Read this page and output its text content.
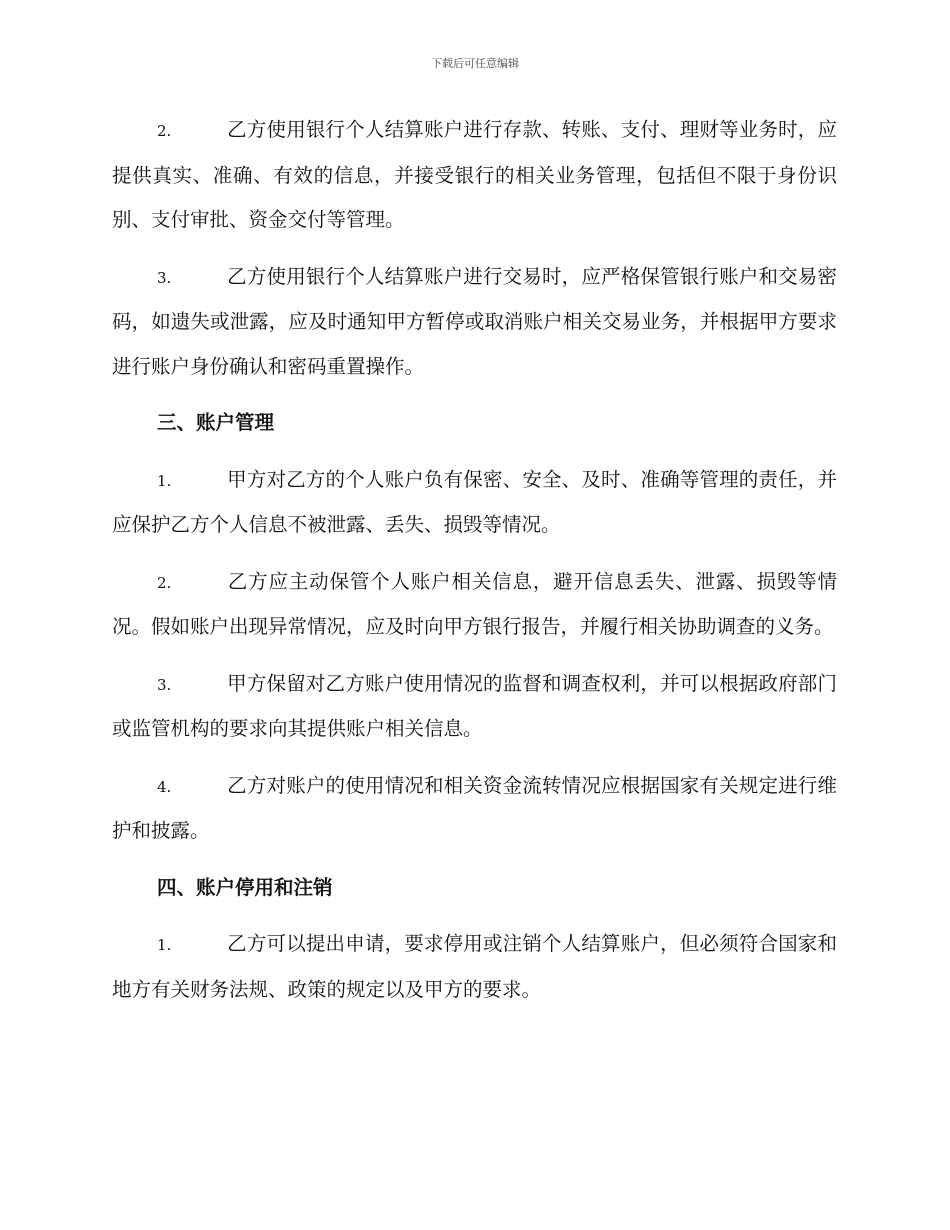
下载后可任意编辑

2.	乙方使用银行个人结算账户进行存款、转账、支付、理财等业务时，应提供真实、准确、有效的信息，并接受银行的相关业务管理，包括但不限于身份识别、支付审批、资金交付等管理。

3.	乙方使用银行个人结算账户进行交易时，应严格保管银行账户和交易密码，如遗失或泄露，应及时通知甲方暂停或取消账户相关交易业务，并根据甲方要求进行账户身份确认和密码重置操作。

三、账户管理

1.	甲方对乙方的个人账户负有保密、安全、及时、准确等管理的责任，并应保护乙方个人信息不被泄露、丢失、损毁等情况。

2.	乙方应主动保管个人账户相关信息，避开信息丢失、泄露、损毁等情况。假如账户出现异常情况，应及时向甲方银行报告，并履行相关协助调查的义务。

3.	甲方保留对乙方账户使用情况的监督和调查权利，并可以根据政府部门或监管机构的要求向其提供账户相关信息。

4.	乙方对账户的使用情况和相关资金流转情况应根据国家有关规定进行维护和披露。

四、账户停用和注销

1.	乙方可以提出申请，要求停用或注销个人结算账户，但必须符合国家和地方有关财务法规、政策的规定以及甲方的要求。
